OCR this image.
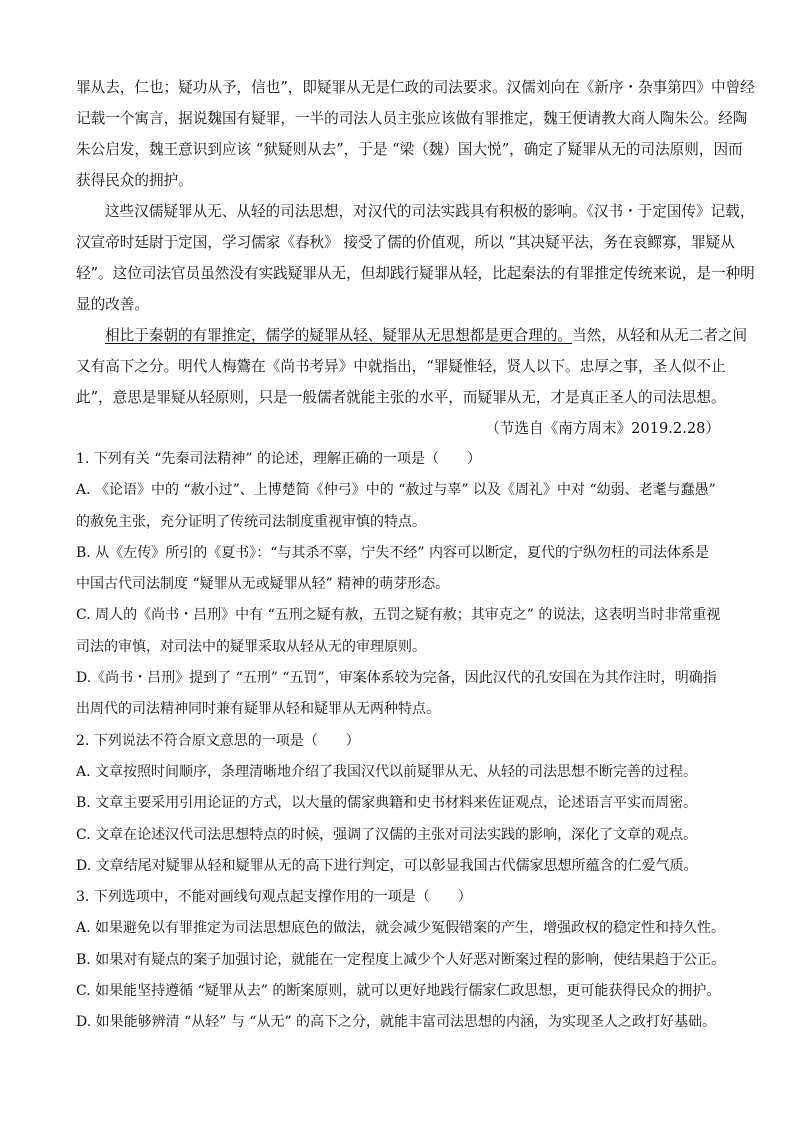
罪从去，仁也；疑功从予，信也”，即疑罪从无是仁政的司法要求。汉儒刘向在《新序・杂事第四》中曾经
记载一个寓言，据说魏国有疑罪，一半的司法人员主张应该做有罪推定，魏王便请教大商人陶朱公。经陶
朱公启发，魏王意识到应该 “狱疑则从去”，于是 “梁（魏）国大悦”，确定了疑罪从无的司法原则，因而
获得民众的拥护。
这些汉儒疑罪从无、从轻的司法思想，对汉代的司法实践具有积极的影响。《汉书・于定国传》记载，
汉宣帝时廷尉于定国，学习儒家《春秋》 接受了儒的价值观，所以 “其决疑平法，务在哀鳏寡，罪疑从
轻”。这位司法官员虽然没有实践疑罪从无，但却践行疑罪从轻，比起秦法的有罪推定传统来说，是一种明
显的改善。
相比于秦朝的有罪推定，儒学的疑罪从轻、疑罪从无思想都是更合理的。当然，从轻和从无二者之间
又有高下之分。明代人梅鷟在《尚书考异》中就指出，“罪疑惟轻，贤人以下。忠厚之事，圣人似不止
此”，意思是罪疑从轻原则，只是一般儒者就能主张的水平，而疑罪从无，才是真正圣人的司法思想。
（节选自《南方周末》2019.2.28）
1. 下列有关 “先秦司法精神” 的论述，理解正确的一项是（　　）
A. 《论语》中的 “赦小过”、上博楚简《仲弓》中的 “赦过与辜” 以及《周礼》中对 “幼弱、老耄与蠢愚”
的赦免主张，充分证明了传统司法制度重视审慎的特点。
B. 从《左传》所引的《夏书》：“与其杀不辜，宁失不经” 内容可以断定，夏代的宁纵勿枉的司法体系是
中国古代司法制度 “疑罪从无或疑罪从轻” 精神的萌芽形态。
C. 周人的《尚书・吕刑》中有 “五刑之疑有赦，五罚之疑有赦；其审克之” 的说法，这表明当时非常重视
司法的审慎，对司法中的疑罪采取从轻从无的审理原则。
D.《尚书・吕刑》提到了 “五刑” “五罚”，审案体系较为完备，因此汉代的孔安国在为其作注时，明确指
出周代的司法精神同时兼有疑罪从轻和疑罪从无两种特点。
2. 下列说法不符合原文意思的一项是（　　）
A. 文章按照时间顺序，条理清晰地介绍了我国汉代以前疑罪从无、从轻的司法思想不断完善的过程。
B. 文章主要采用引用论证的方式，以大量的儒家典籍和史书材料来佐证观点，论述语言平实而周密。
C. 文章在论述汉代司法思想特点的时候，强调了汉儒的主张对司法实践的影响，深化了文章的观点。
D. 文章结尾对疑罪从轻和疑罪从无的高下进行判定，可以彰显我国古代儒家思想所蕴含的仁爱气质。
3. 下列选项中，不能对画线句观点起支撑作用的一项是（　　）
A. 如果避免以有罪推定为司法思想底色的做法，就会减少冤假错案的产生，增强政权的稳定性和持久性。
B. 如果对有疑点的案子加强讨论，就能在一定程度上减少个人好恶对断案过程的影响，使结果趋于公正。
C. 如果能坚持遵循 “疑罪从去” 的断案原则，就可以更好地践行儒家仁政思想，更可能获得民众的拥护。
D. 如果能够辨清 “从轻” 与 “从无” 的高下之分，就能丰富司法思想的内涵，为实现圣人之政打好基础。
